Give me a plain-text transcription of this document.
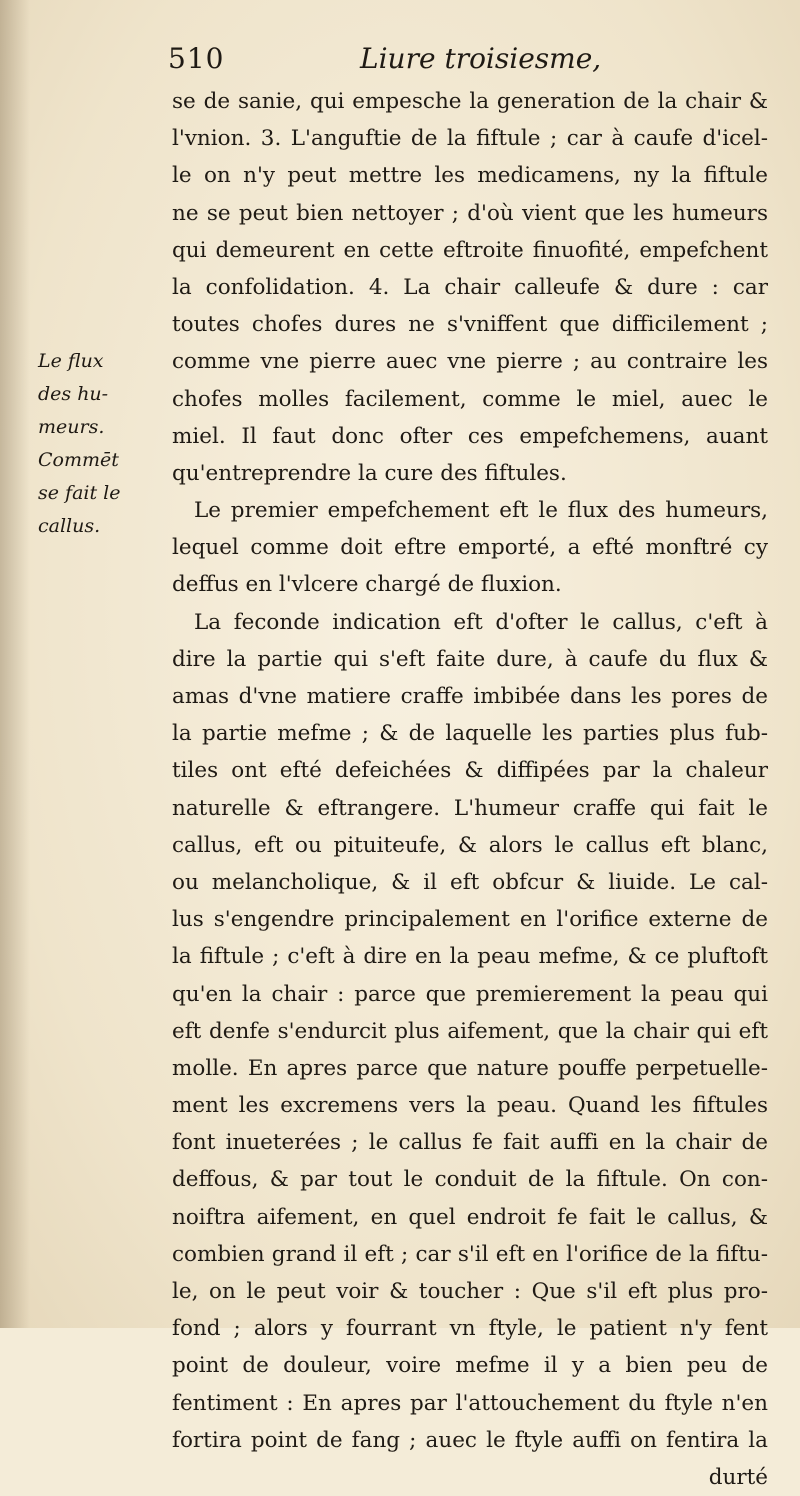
510	Liure troisiesme,
Le flux
des hu-
meurs.
Commēt
se fait le
callus.
se de sanie, qui empesche la generation de la chair &
l'vnion. 3. L'anguftie de la fiftule ; car à caufe d'icel-
le on n'y peut mettre les medicamens, ny la fiftule
ne se peut bien nettoyer ; d'où vient que les humeurs
qui demeurent en cette eftroite finuofité, empefchent
la confolidation. 4. La chair calleufe & dure : car
toutes chofes dures ne s'vniffent que difficilement ;
comme vne pierre auec vne pierre ; au contraire les
chofes molles facilement, comme le miel, auec le
miel. Il faut donc ofter ces empefchemens, auant
qu'entreprendre la cure des fiftules.
Le premier empefchement eft le flux des humeurs,
lequel comme doit eftre emporté, a efté monftré cy
deffus en l'vlcere chargé de fluxion.
La feconde indication eft d'ofter le callus, c'eft à
dire la partie qui s'eft faite dure, à caufe du flux &
amas d'vne matiere craffe imbibée dans les pores de
la partie mefme ; & de laquelle les parties plus fub-
tiles ont efté defeichées & diffipées par la chaleur
naturelle & eftrangere. L'humeur craffe qui fait le
callus, eft ou pituiteufe, & alors le callus eft blanc,
ou melancholique, & il eft obfcur & liuide. Le cal-
lus s'engendre principalement en l'orifice externe de
la fiftule ; c'eft à dire en la peau mefme, & ce pluftoft
qu'en la chair : parce que premierement la peau qui
eft denfe s'endurcit plus aifement, que la chair qui eft
molle. En apres parce que nature pouffe perpetuelle-
ment les excremens vers la peau. Quand les fiftules
font inueterées ; le callus fe fait auffi en la chair de
deffous, & par tout le conduit de la fiftule. On con-
noiftra aifement, en quel endroit fe fait le callus, &
combien grand il eft ; car s'il eft en l'orifice de la fiftu-
le, on le peut voir & toucher : Que s'il eft plus pro-
fond ; alors y fourrant vn ftyle, le patient n'y fent
point de douleur, voire mefme il y a bien peu de
fentiment : En apres par l'attouchement du ftyle n'en
fortira point de fang ; auec le ftyle auffi on fentira la
durté
